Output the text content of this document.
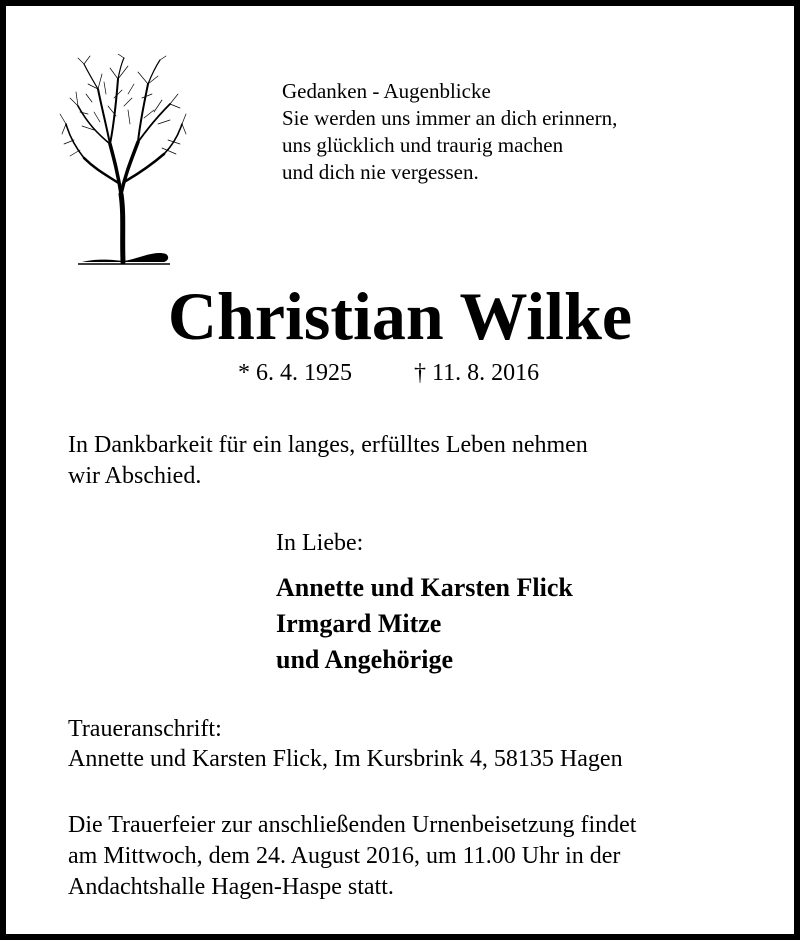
Gedanken - Augenblicke
Sie werden uns immer an dich erinnern,
uns glücklich und traurig machen
und dich nie vergessen.
Christian Wilke
* 6. 4. 1925	† 11. 8. 2016
In Dankbarkeit für ein langes, erfülltes Leben nehmen
wir Abschied.
In Liebe:
Annette und Karsten Flick
Irmgard Mitze
und Angehörige
Traueranschrift:
Annette und Karsten Flick, Im Kursbrink 4, 58135 Hagen
Die Trauerfeier zur anschließenden Urnenbeisetzung findet
am Mittwoch, dem 24. August 2016, um 11.00 Uhr in der
Andachtshalle Hagen-Haspe statt.
